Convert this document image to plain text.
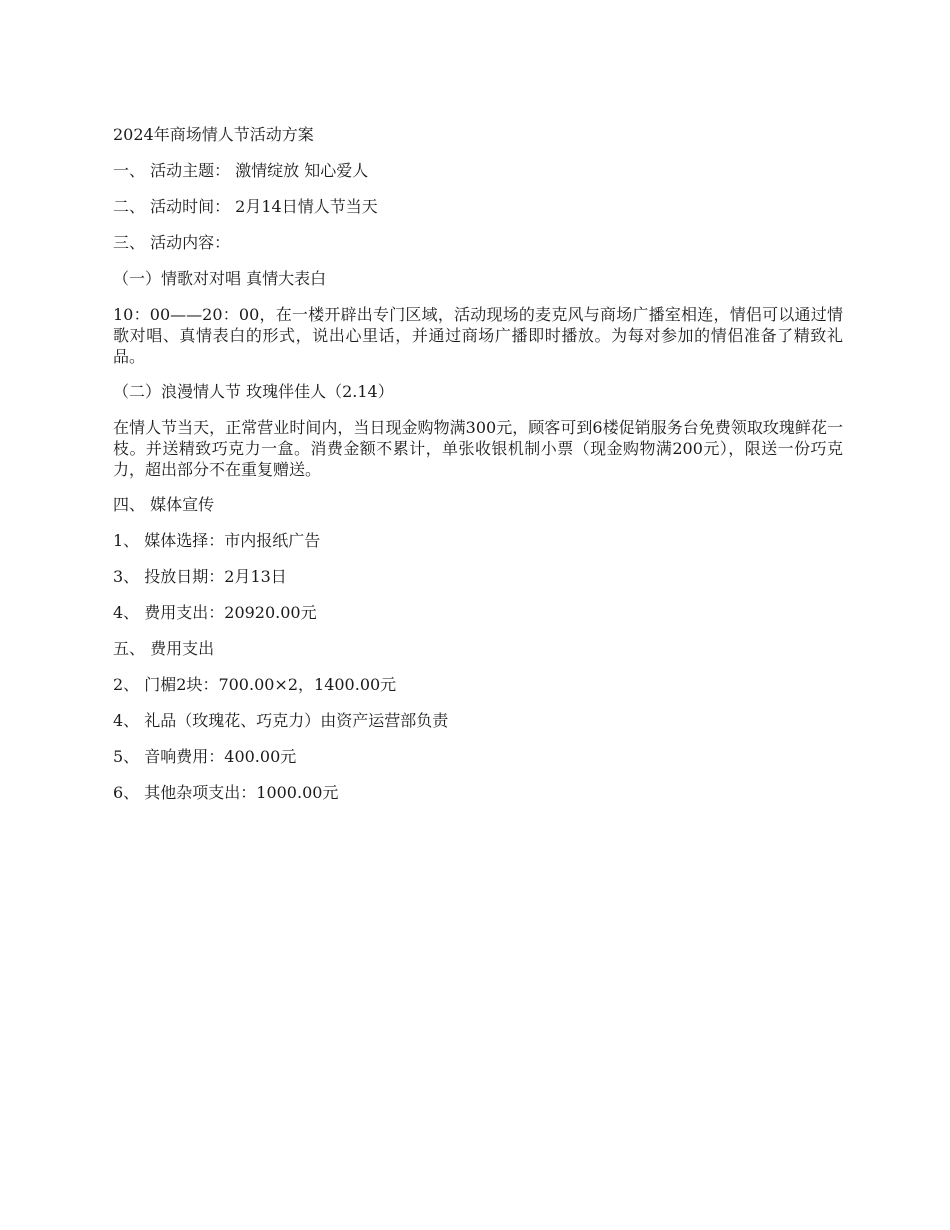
2024年商场情人节活动方案
一、 活动主题： 激情绽放 知心爱人
二、 活动时间： 2月14日情人节当天
三、 活动内容：
（一）情歌对对唱 真情大表白
10：00——20：00，在一楼开辟出专门区域，活动现场的麦克风与商场广播室相连，情侣可以通过情歌对唱、真情表白的形式，说出心里话，并通过商场广播即时播放。为每对参加的情侣准备了精致礼品。
（二）浪漫情人节 玫瑰伴佳人（2.14）
在情人节当天，正常营业时间内，当日现金购物满300元，顾客可到6楼促销服务台免费领取玫瑰鲜花一枝。并送精致巧克力一盒。消费金额不累计，单张收银机制小票（现金购物满200元），限送一份巧克力，超出部分不在重复赠送。
四、 媒体宣传
1、 媒体选择：市内报纸广告
3、 投放日期：2月13日
4、 费用支出：20920.00元
五、 费用支出
2、 门楣2块：700.00×2，1400.00元
4、 礼品（玫瑰花、巧克力）由资产运营部负责
5、 音响费用：400.00元
6、 其他杂项支出：1000.00元
